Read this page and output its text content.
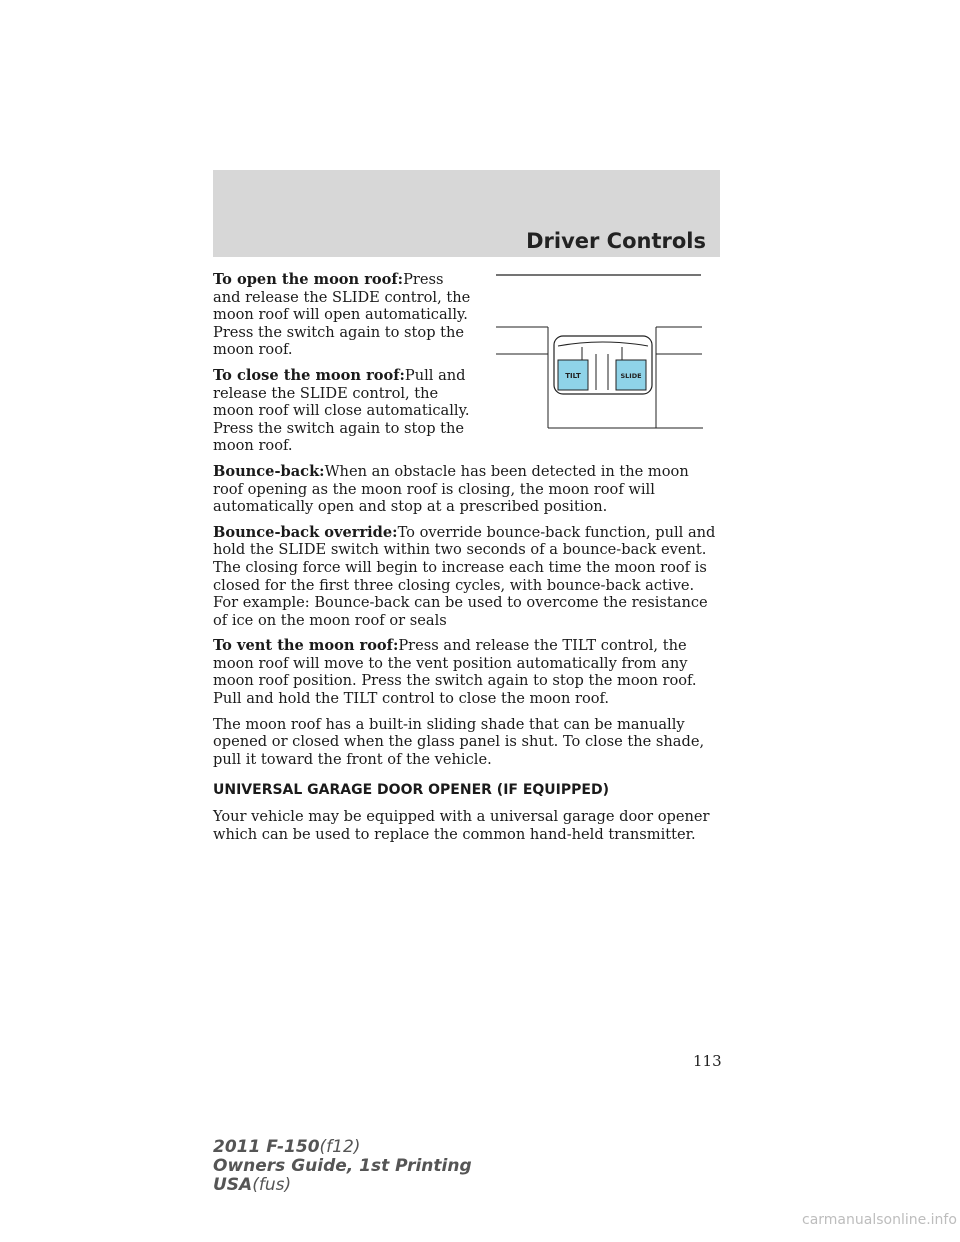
Driver Controls

To open the moon roof:Press and release the SLIDE control, the moon roof will open automatically. Press the switch again to stop the moon roof.

To close the moon roof:Pull and release the SLIDE control, the moon roof will close automatically. Press the switch again to stop the moon roof.

Bounce-back:When an obstacle has been detected in the moon roof opening as the moon roof is closing, the moon roof will automatically open and stop at a prescribed position.

Bounce-back override:To override bounce-back function, pull and hold the SLIDE switch within two seconds of a bounce-back event. The closing force will begin to increase each time the moon roof is closed for the first three closing cycles, with bounce-back active. For example: Bounce-back can be used to overcome the resistance of ice on the moon roof or seals

To vent the moon roof:Press and release the TILT control, the moon roof will move to the vent position automatically from any moon roof position. Press the switch again to stop the moon roof. Pull and hold the TILT control to close the moon roof.

The moon roof has a built-in sliding shade that can be manually opened or closed when the glass panel is shut. To close the shade, pull it toward the front of the vehicle.

UNIVERSAL GARAGE DOOR OPENER (IF EQUIPPED)

Your vehicle may be equipped with a universal garage door opener which can be used to replace the common hand-held transmitter.

TILT	SLIDE
113
2011 F-150(f12)
Owners Guide, 1st Printing
USA(fus)
carmanualsonline.info
